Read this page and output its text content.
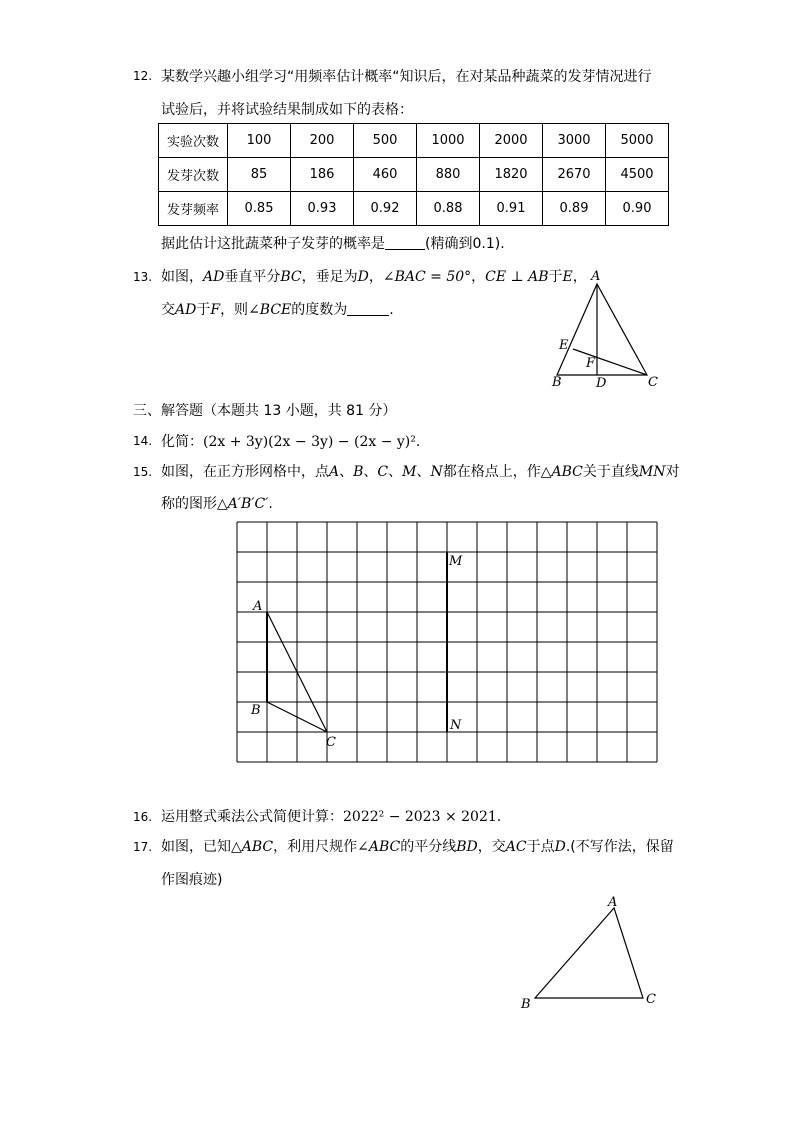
12. 某数学兴趣小组学习“用频率估计概率“知识后，在对某品种蔬菜的发芽情况进行
试验后，并将试验结果制成如下的表格：
实验次数	100	200	500	1000	2000	3000	5000
发芽次数	85	186	460	880	1820	2670	4500
发芽频率	0.85	0.93	0.92	0.88	0.91	0.89	0.90
据此估计这批蔬菜种子发芽的概率是	(精确到0.1).
13. 如图，AD垂直平分BC，垂足为D，∠BAC = 50°，CE ⊥ AB于E，
交AD于F，则∠BCE的度数为	.
A
B	C
D
E
F
三、解答题（本题共 13 小题，共 81 分）
14. 化简：(2x + 3y)(2x − 3y) − (2x − y)².
15. 如图，在正方形网格中，点A、B、C、M、N都在格点上，作△ABC关于直线MN对
称的图形△A′B′C′.
A
B
C
M
N
16. 运用整式乘法公式简便计算：2022² − 2023 × 2021.
17. 如图，已知△ABC，利用尺规作∠ABC的平分线BD，交AC于点D.(不写作法，保留
作图痕迹)
A
B	C
